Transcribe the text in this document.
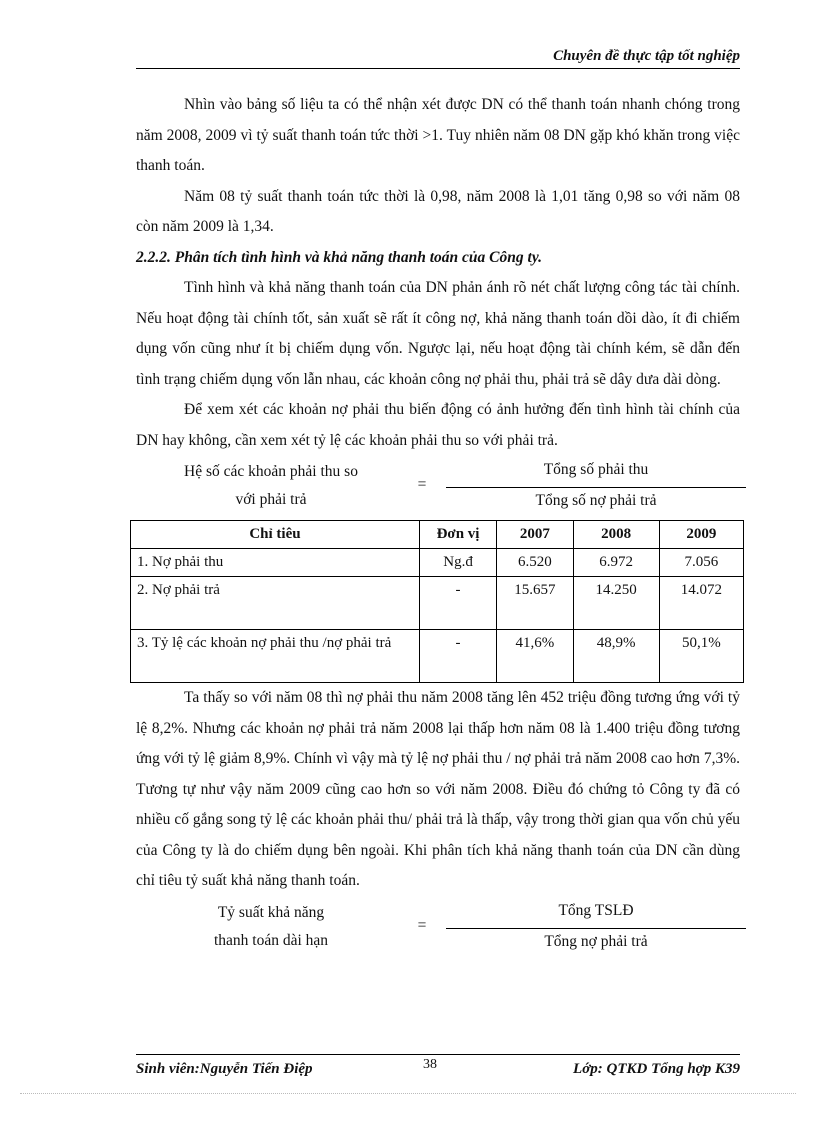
Chuyên đề thực tập tốt nghiệp

Nhìn vào bảng số liệu ta có thể nhận xét được DN có thể thanh toán nhanh chóng trong năm 2008, 2009 vì tỷ suất thanh toán tức thời >1. Tuy nhiên năm 08 DN gặp khó khăn trong việc thanh toán.

Năm 08 tỷ suất thanh toán tức thời là 0,98, năm 2008 là 1,01 tăng 0,98 so với năm 08 còn năm 2009 là 1,34.

2.2.2. Phân tích tình hình và khả năng thanh toán của Công ty.

Tình hình và khả năng thanh toán của DN phản ánh rõ nét chất lượng công tác tài chính. Nếu hoạt động tài chính tốt, sản xuất sẽ rất ít công nợ, khả năng thanh toán dồi dào, ít đi chiếm dụng vốn cũng như ít bị chiếm dụng vốn. Ngược lại, nếu hoạt động tài chính kém, sẽ dẫn đến tình trạng chiếm dụng vốn lẫn nhau, các khoản công nợ phải thu, phải trả sẽ dây dưa dài dòng.

Để xem xét các khoản nợ phải thu biến động có ảnh hưởng đến tình hình tài chính của DN hay không, cần xem xét tỷ lệ các khoản phải thu so với phải trả.

Hệ số các khoản phải thu so
với phải trả
=
Tổng số phải thu
Tổng số nợ phải trả
Chỉ tiêu	Đơn vị	2007	2008	2009
1. Nợ phải thu	Ng.đ	6.520	6.972	7.056
2. Nợ phải trả	-	15.657	14.250	14.072
3. Tỷ lệ các khoản nợ phải thu /nợ phải trả	-	41,6%	48,9%	50,1%

Ta thấy so với năm 08 thì nợ phải thu năm 2008 tăng lên 452 triệu đồng tương ứng với tỷ lệ 8,2%. Nhưng các khoản nợ phải trả năm 2008 lại thấp hơn năm 08 là 1.400 triệu đồng tương ứng với tỷ lệ giảm 8,9%. Chính vì vậy mà tỷ lệ nợ phải thu / nợ phải trả năm 2008 cao hơn 7,3%. Tương tự như vậy năm 2009 cũng cao hơn so với năm 2008. Điều đó chứng tỏ Công ty đã có nhiều cố gắng song tỷ lệ các khoản phải thu/ phải trả là thấp, vậy trong thời gian qua vốn chủ yếu của Công ty là do chiếm dụng bên ngoài. Khi phân tích khả năng thanh toán của DN cần dùng chỉ tiêu tỷ suất khả năng thanh toán.

Tỷ suất khả năng
thanh toán dài hạn
=
Tổng TSLĐ
Tổng nợ phải trả
Sinh viên:Nguyễn Tiến Điệp	38	Lớp: QTKD Tổng hợp K39
